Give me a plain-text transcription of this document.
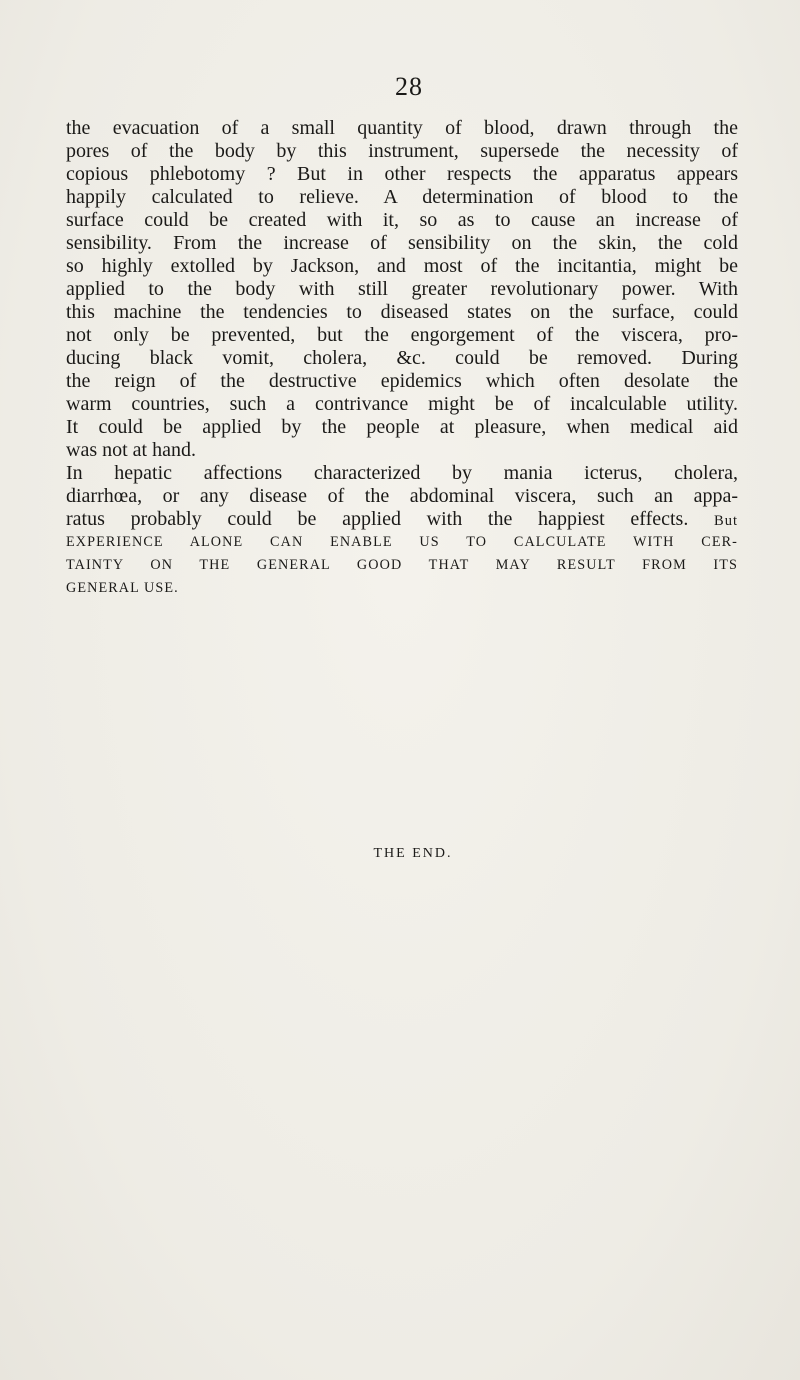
28
the evacuation of a small quantity of blood, drawn through the
pores of the body by this instrument, supersede the necessity of
copious phlebotomy ? But in other respects the apparatus appears
happily calculated to relieve. A determination of blood to the
surface could be created with it, so as to cause an increase of
sensibility. From the increase of sensibility on the skin, the cold
so highly extolled by Jackson, and most of the incitantia, might be
applied to the body with still greater revolutionary power. With
this machine the tendencies to diseased states on the surface, could
not only be prevented, but the engorgement of the viscera, pro-
ducing black vomit, cholera, &c. could be removed. During
the reign of the destructive epidemics which often desolate the
warm countries, such a contrivance might be of incalculable utility.
It could be applied by the people at pleasure, when medical aid
was not at hand.
In hepatic affections characterized by mania icterus, cholera,
diarrhœa, or any disease of the abdominal viscera, such an appa-
ratus probably could be applied with the happiest effects. But
EXPERIENCE ALONE CAN ENABLE US TO CALCULATE WITH CER-
TAINTY ON THE GENERAL GOOD THAT MAY RESULT FROM ITS
GENERAL USE.
THE END.
